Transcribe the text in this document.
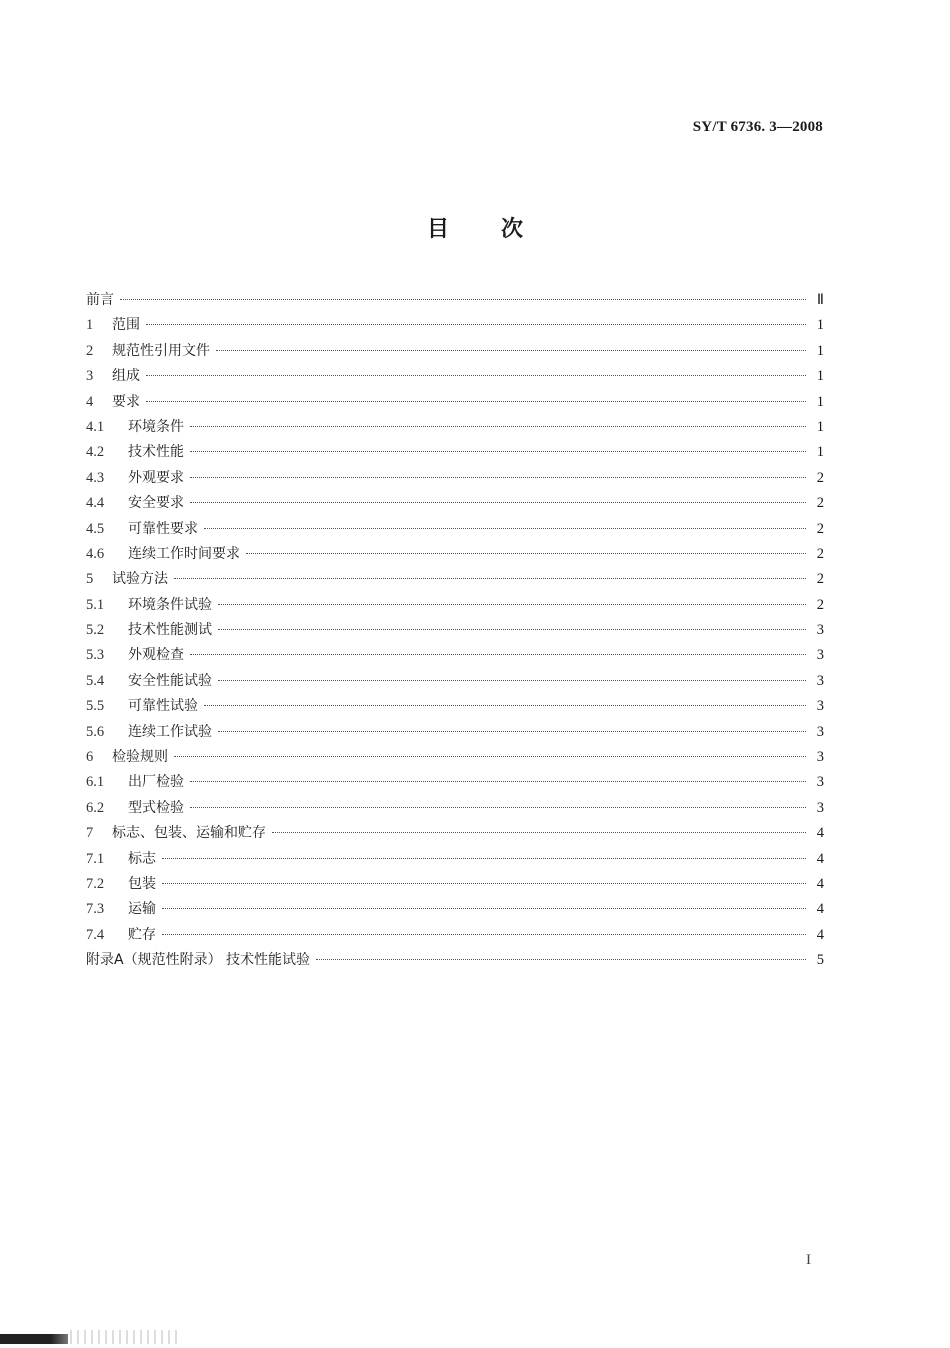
SY/T 6736. 3—2008
目次
前言	Ⅱ
1	范围	1
2	规范性引用文件	1
3	组成	1
4	要求	1
4.1	环境条件	1
4.2	技术性能	1
4.3	外观要求	2
4.4	安全要求	2
4.5	可靠性要求	2
4.6	连续工作时间要求	2
5	试验方法	2
5.1	环境条件试验	2
5.2	技术性能测试	3
5.3	外观检查	3
5.4	安全性能试验	3
5.5	可靠性试验	3
5.6	连续工作试验	3
6	检验规则	3
6.1	出厂检验	3
6.2	型式检验	3
7	标志、包装、运输和贮存	4
7.1	标志	4
7.2	包装	4
7.3	运输	4
7.4	贮存	4
附录A（规范性附录） 技术性能试验	5
I
